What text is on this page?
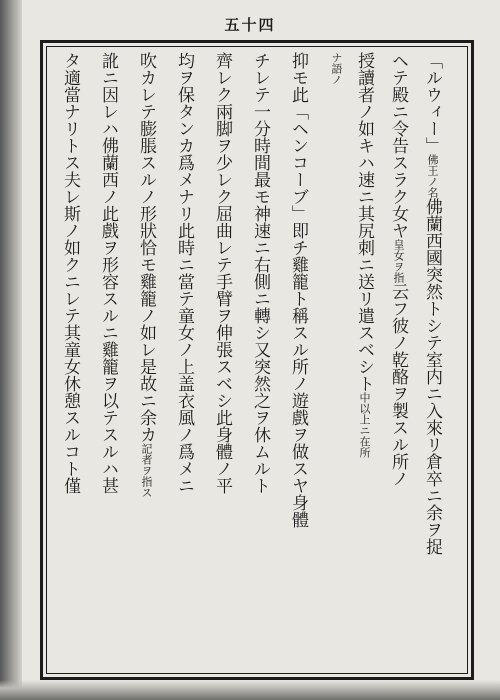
五十四
「ルウィー」佛王ノ名佛蘭西國突然トシテ室内ニ入來リ倉卒ニ余ヲ捉
ヘテ殿ニ令告スラク女ヤ皇女ヲ指云フ彼ノ乾酪ヲ製スル所ノ
授讀者ノ如キハ速ニ其尻刺ニ送リ遣スベシト中以上ニ在所
ナ語ノ
抑モ此「ヘンコーブ」即チ雞籠ト稱スル所ノ遊戲ヲ做スヤ身體
チレテ一分時間最モ神速ニ右側ニ轉シ又突然之ヲ休ムルト
齊レク兩脚ヲ少レク屈曲レテ手臂ヲ伸張スベシ此身體ノ平
均ヲ保タンカ爲メナリ此時ニ當テ童女ノ上盖衣風ノ爲メニ
吹カレテ膨脹スルノ形狀恰モ雞籠ノ如レ是故ニ余カ記者ヲ指ス
訛ニ因レハ佛蘭西ノ此戲ヲ形容スルニ雞籠ヲ以テスルハ甚
タ適當ナリトス夫レ斯ノ如クニレテ其童女休憩スルコト僅
